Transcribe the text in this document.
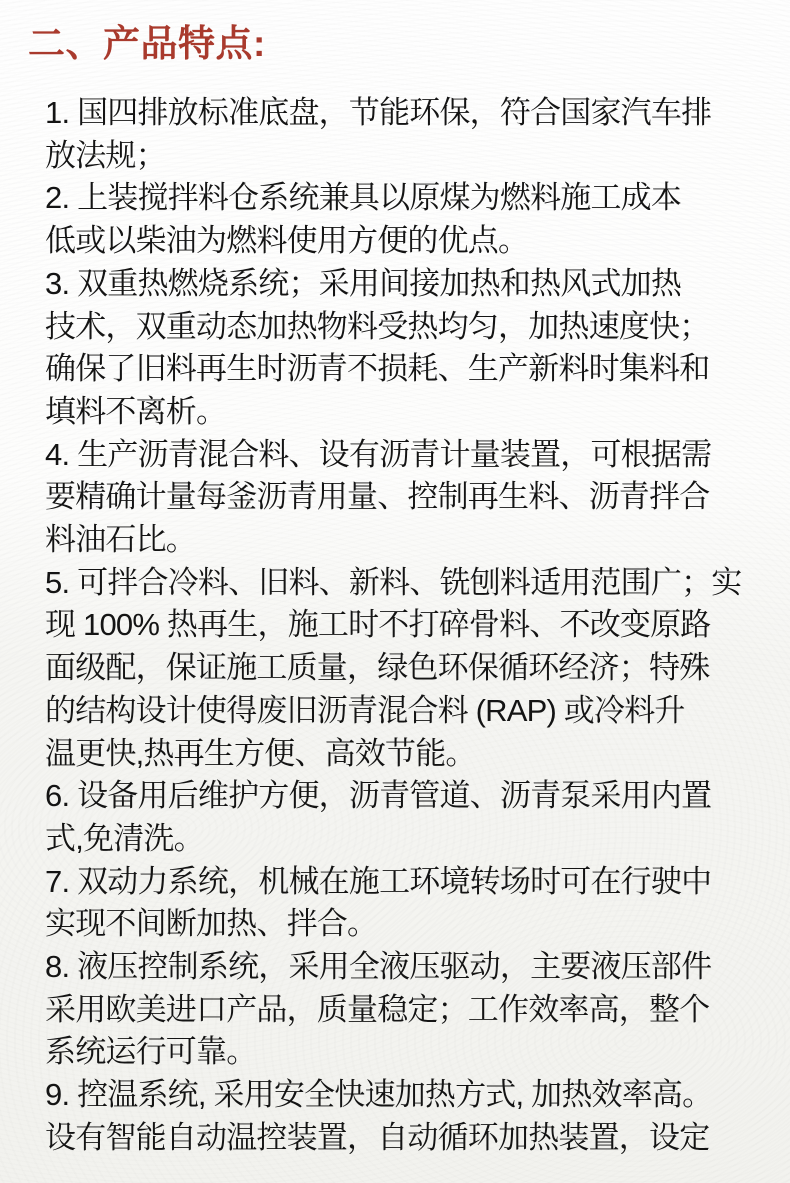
二、产品特点:
1. 国四排放标准底盘，节能环保，符合国家汽车排
放法规；
2. 上装搅拌料仓系统兼具以原煤为燃料施工成本
低或以柴油为燃料使用方便的优点。
3. 双重热燃烧系统；采用间接加热和热风式加热
技术，双重动态加热物料受热均匀，加热速度快；
确保了旧料再生时沥青不损耗、生产新料时集料和
填料不离析。
4. 生产沥青混合料、设有沥青计量装置，可根据需
要精确计量每釜沥青用量、控制再生料、沥青拌合
料油石比。
5. 可拌合冷料、旧料、新料、铣刨料适用范围广；实
现 100% 热再生，施工时不打碎骨料、不改变原路
面级配，保证施工质量，绿色环保循环经济；特殊
的结构设计使得废旧沥青混合料 (RAP) 或冷料升
温更快,热再生方便、高效节能。
6. 设备用后维护方便，沥青管道、沥青泵采用内置
式,免清洗。
7. 双动力系统，机械在施工环境转场时可在行驶中
实现不间断加热、拌合。
8. 液压控制系统，采用全液压驱动，主要液压部件
采用欧美进口产品，质量稳定；工作效率高，整个
系统运行可靠。
9. 控温系统, 采用安全快速加热方式, 加热效率高。
设有智能自动温控装置，自动循环加热装置，设定
